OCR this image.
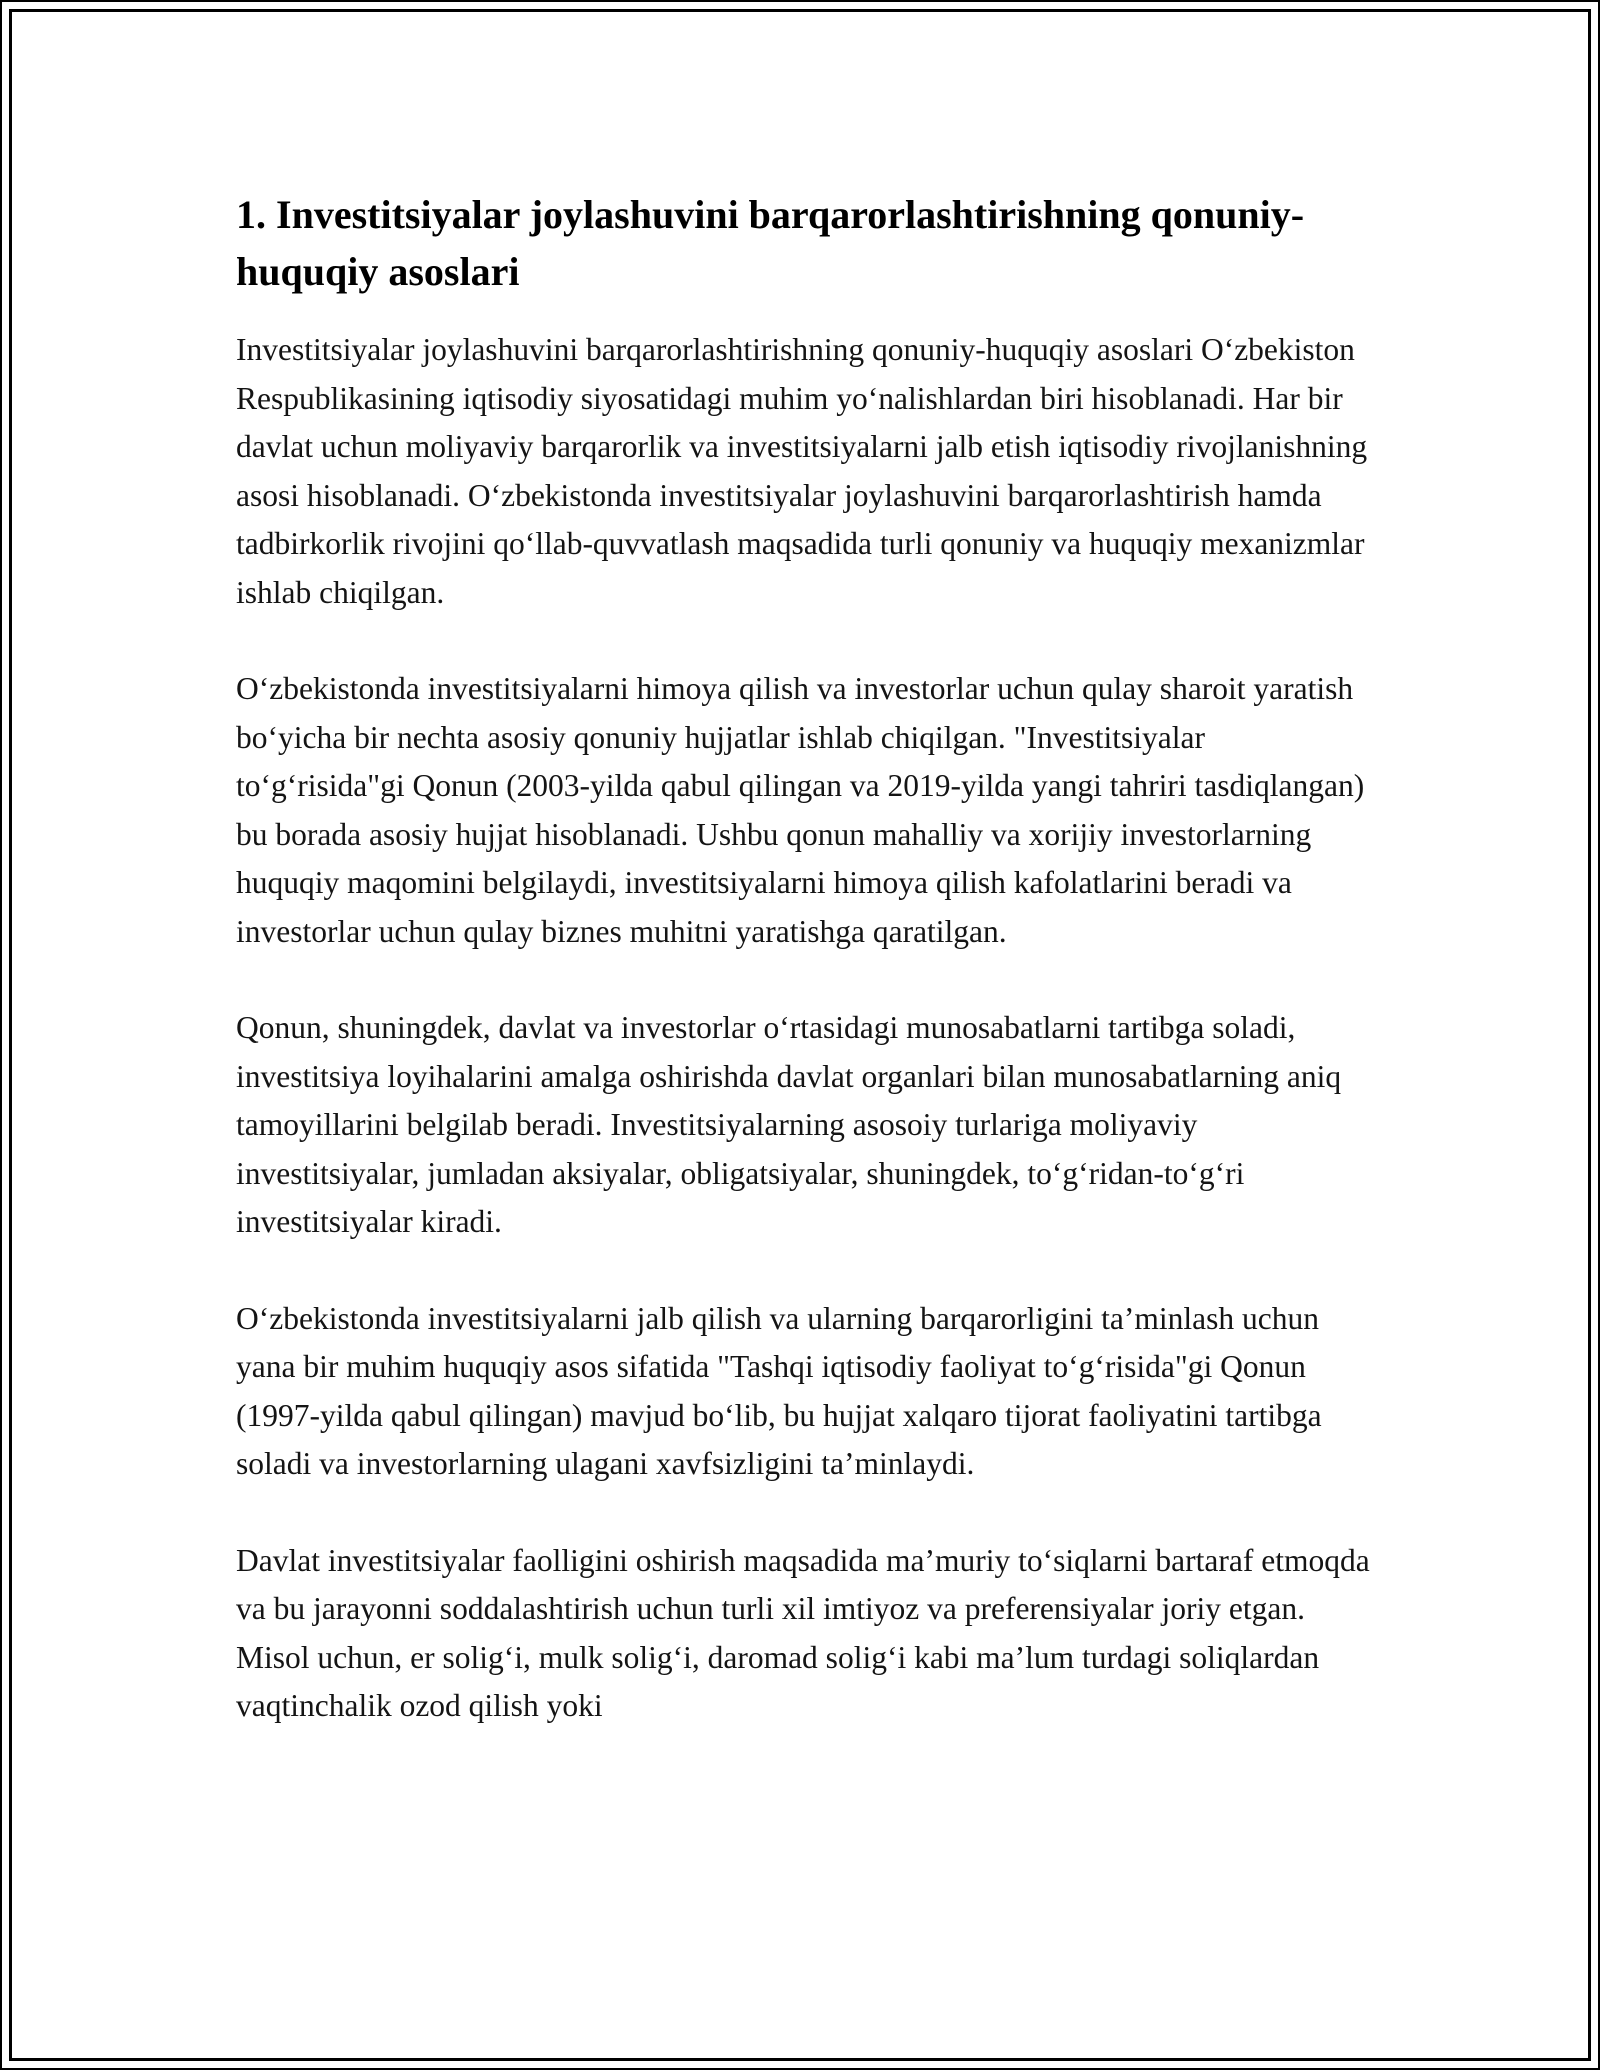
1. Investitsiyalar joylashuvini barqarorlashtirishning qonuniy-huquqiy asoslari

Investitsiyalar joylashuvini barqarorlashtirishning qonuniy-huquqiy asoslari O‘zbekiston Respublikasining iqtisodiy siyosatidagi muhim yo‘nalishlardan biri hisoblanadi. Har bir davlat uchun moliyaviy barqarorlik va investitsiyalarni jalb etish iqtisodiy rivojlanishning asosi hisoblanadi. O‘zbekistonda investitsiyalar joylashuvini barqarorlashtirish hamda tadbirkorlik rivojini qo‘llab-quvvatlash maqsadida turli qonuniy va huquqiy mexanizmlar ishlab chiqilgan.

O‘zbekistonda investitsiyalarni himoya qilish va investorlar uchun qulay sharoit yaratish bo‘yicha bir nechta asosiy qonuniy hujjatlar ishlab chiqilgan. "Investitsiyalar to‘g‘risida"gi Qonun (2003-yilda qabul qilingan va 2019-yilda yangi tahriri tasdiqlangan) bu borada asosiy hujjat hisoblanadi. Ushbu qonun mahalliy va xorijiy investorlarning huquqiy maqomini belgilaydi, investitsiyalarni himoya qilish kafolatlarini beradi va investorlar uchun qulay biznes muhitni yaratishga qaratilgan.

Qonun, shuningdek, davlat va investorlar o‘rtasidagi munosabatlarni tartibga soladi, investitsiya loyihalarini amalga oshirishda davlat organlari bilan munosabatlarning aniq tamoyillarini belgilab beradi. Investitsiyalarning asosoiy turlariga moliyaviy investitsiyalar, jumladan aksiyalar, obligatsiyalar, shuningdek, to‘g‘ridan-to‘g‘ri investitsiyalar kiradi.

O‘zbekistonda investitsiyalarni jalb qilish va ularning barqarorligini ta’minlash uchun yana bir muhim huquqiy asos sifatida "Tashqi iqtisodiy faoliyat to‘g‘risida"gi Qonun (1997-yilda qabul qilingan) mavjud bo‘lib, bu hujjat xalqaro tijorat faoliyatini tartibga soladi va investorlarning ulagani xavfsizligini ta’minlaydi.

Davlat investitsiyalar faolligini oshirish maqsadida ma’muriy to‘siqlarni bartaraf etmoqda va bu jarayonni soddalashtirish uchun turli xil imtiyoz va preferensiyalar joriy etgan. Misol uchun, er solig‘i, mulk solig‘i, daromad solig‘i kabi ma’lum turdagi soliqlardan vaqtinchalik ozod qilish yoki
